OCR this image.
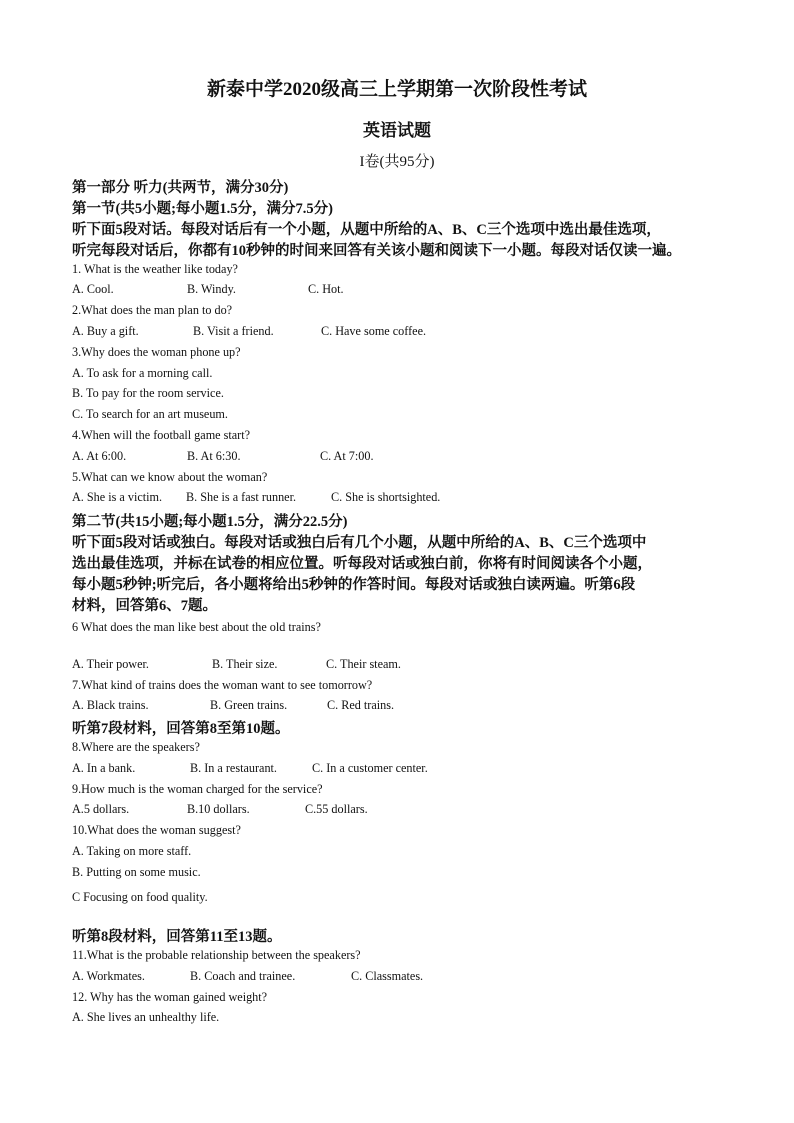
新泰中学2020级高三上学期第一次阶段性考试
英语试题
I卷(共95分)
第一部分 听力(共两节，满分30分)
第一节(共5小题;每小题1.5分，满分7.5分)
听下面5段对话。每段对话后有一个小题，从题中所给的A、B、C三个选项中选出最佳选项，
听完每段对话后，你都有10秒钟的时间来回答有关该小题和阅读下一小题。每段对话仅读一遍。
1. What is the weather like today?
A. Cool.	B. Windy.	C. Hot.
2.What does the man plan to do?
A. Buy a gift.	B. Visit a friend.	C. Have some coffee.
3.Why does the woman phone up?
A. To ask for a morning call.
B. To pay for the room service.
C. To search for an art museum.
4.When will the football game start?
A. At 6:00.	B. At 6:30.	C. At 7:00.
5.What can we know about the woman?
A. She is a victim. B. She is a fast runner.	C. She is shortsighted.
第二节(共15小题;每小题1.5分，满分22.5分)
听下面5段对话或独白。每段对话或独白后有几个小题，从题中所给的A、B、C三个选项中
选出最佳选项，并标在试卷的相应位置。听每段对话或独白前，你将有时间阅读各个小题，
每小题5秒钟;听完后，各小题将给出5秒钟的作答时间。每段对话或独白读两遍。听第6段
材料，回答第6、7题。
6 What does the man like best about the old trains?
A. Their power.	B. Their size.	C. Their steam.
7.What kind of trains does the woman want to see tomorrow?
A. Black trains.	B. Green trains.	C. Red trains.
听第7段材料，回答第8至第10题。
8.Where are the speakers?
A. In a bank.	B. In a restaurant.	C. In a customer center.
9.How much is the woman charged for the service?
A.5 dollars.	B.10 dollars.	C.55 dollars.
10.What does the woman suggest?
A. Taking on more staff.
B. Putting on some music.
C Focusing on food quality.
听第8段材料，回答第11至13题。
11.What is the probable relationship between the speakers?
A. Workmates.	B. Coach and trainee.	C. Classmates.
12. Why has the woman gained weight?
A. She lives an unhealthy life.
